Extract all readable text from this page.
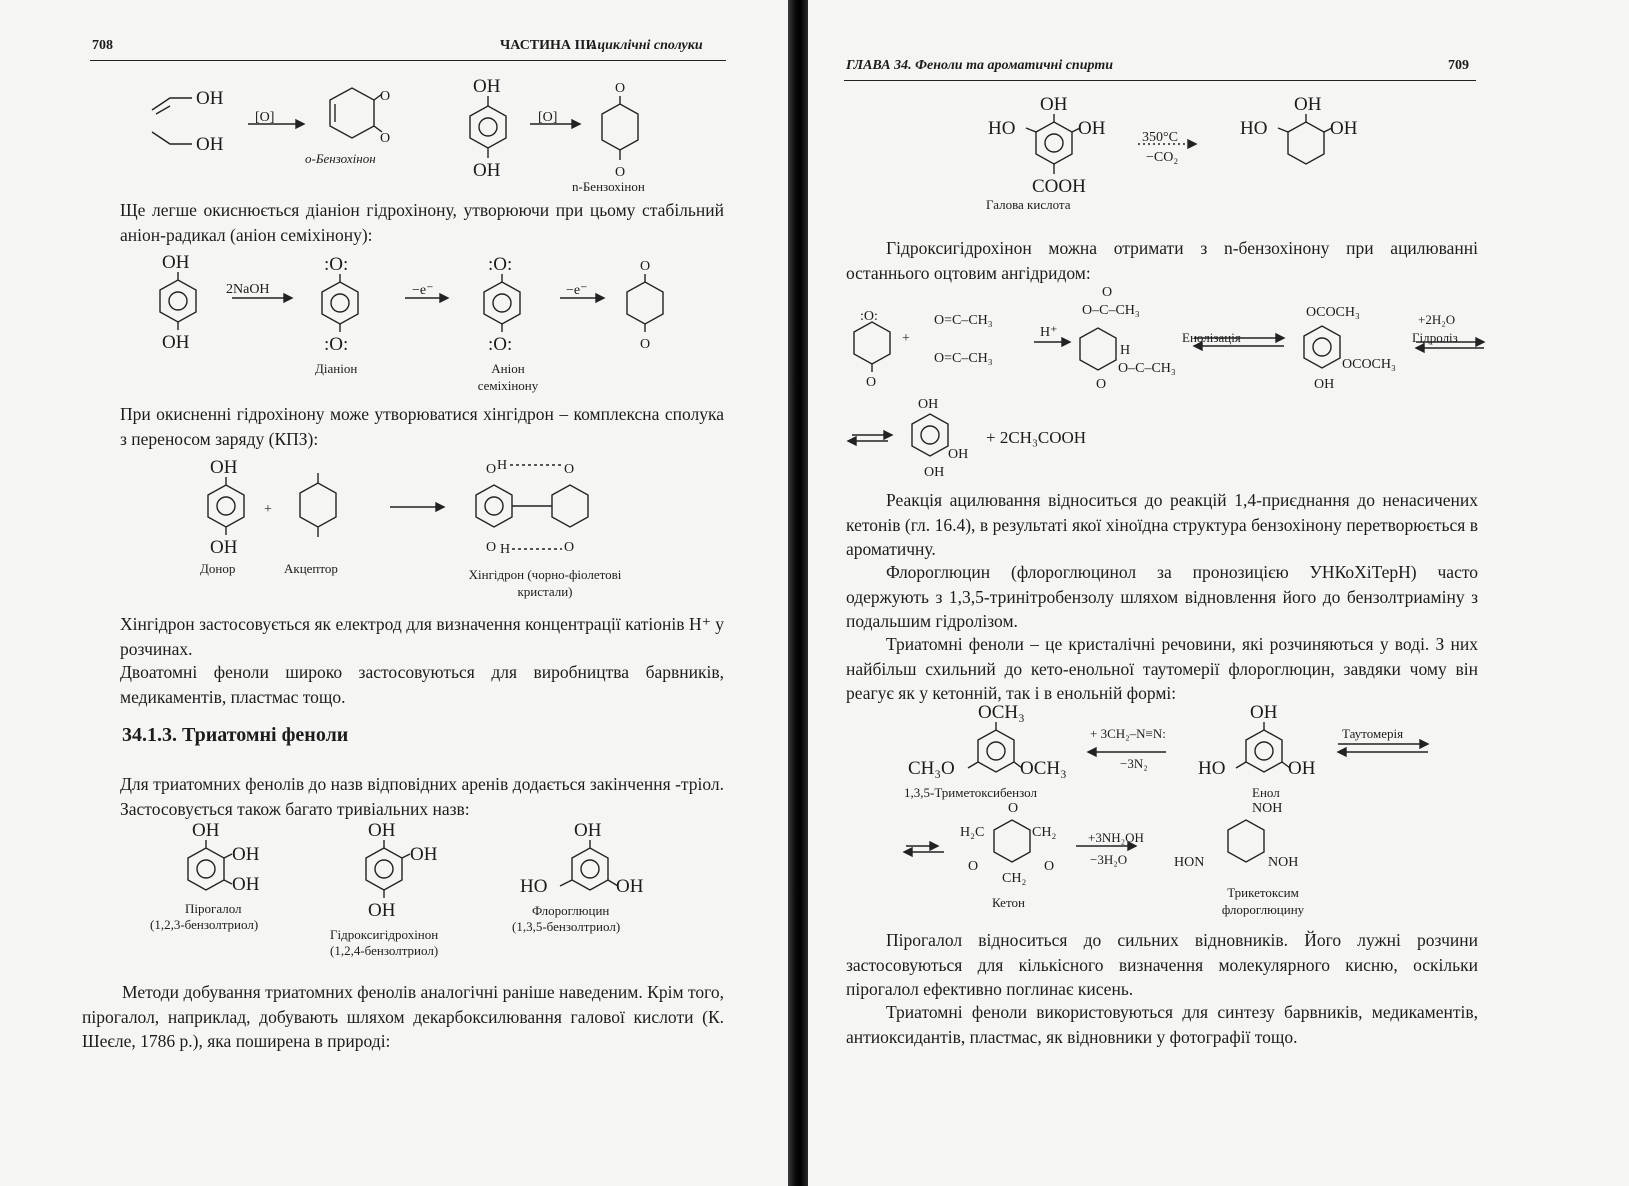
708	ЧАСТИНА ІІІ.
Ациклічні сполуки
OH
OH
O
O
OH
OH
O
O
[O]	[O]
o-Бензохінон
n-Бензохінон
Ще легше окиснюється діаніон гідрохінону, утворюючи при цьому стабільний аніон-радикал (аніон семіхінону):
OH
OH
:O:
:O:
:O:
:O:
O
O
2NaOH	−e⁻	−e⁻
Діаніон	Аніон семіхінону
При окисненні гідрохінону може утворюватися хінгідрон – комплексна сполука з переносом заряду (КПЗ):
OH
OH
+
O H	O
O H	O
Донор	Акцептор	Хінгідрон (чорно-фіолетові кристали)
Хінгідрон застосовується як електрод для визначення концентрації катіонів Н⁺ у розчинах.
Двоатомні феноли широко застосовуються для виробництва барвників, медикаментів, пластмас тощо.
34.1.3. Триатомні феноли
Для триатомних фенолів до назв відповідних аренів додається закінчення -тріол. Застосовується також багато тривіальних назв:
OH
OH
OH
OH
OH
OH
OH
HO	OH
Пірогалол
(1,2,3-бензолтриол)
Гідроксигідрохінон
(1,2,4-бензолтриол)
Флороглюцин
(1,3,5-бензолтриол)
Методи добування триатомних фенолів аналогічні раніше наведеним. Крім того, пірогалол, наприклад, добувають шляхом декарбоксилювання галової кислоти (К. Шеєле, 1786 р.), яка поширена в природі:
ГЛАВА 34. Феноли та ароматичні спирти	709
OH
HO	OH
COOH
OH
HO	OH
350°C
−CO₂
Галова кислота
Гідроксигідрохінон можна отримати з n-бензохінону при ацилюванні останнього оцтовим ангідридом:
:O:
O
+
O=C–CH₃
O=C–CH₃
H⁺
O
O–C–CH₃
H
O–C–CH₃
O
OCOCH₃
OCOCH₃
OH
OH
OH
OH
Енолізація
+2H₂O
Гідроліз
+ 2CH₃COOH
Реакція ацилювання відноситься до реакцій 1,4-приєднання до ненасичених кетонів (гл. 16.4), в результаті якої хіноїдна структура бензохінону перетворюється в ароматичну.
Флороглюцин (флороглюцинол за пронозицією УНКоХіТерН) часто одержують з 1,3,5-тринітробензолу шляхом відновлення його до бензолтриаміну з подальшим гідролізом.
Триатомні феноли – це кристалічні речовини, які розчиняються у воді. З них найбільш схильний до кето-енольної таутомерії флороглюцин, завдяки чому він реагує як у кетонній, так і в енольній формі:
OCH₃
CH₃O	OCH₃
OH
HO	OH
O
H₂C	CH₂
O	O
CH₂
NOH
HON	NOH
+ 3CH₂–N≡N:
−3N₂
Таутомерія
+3NH₂OH
−3H₂O
1,3,5-Триметоксибензол	Енол
Кетон
Трикетоксим флороглюцину
Пірогалол відноситься до сильних відновників. Його лужні розчини застосовуються для кількісного визначення молекулярного кисню, оскільки пірогалол ефективно поглинає кисень.
Триатомні феноли використовуються для синтезу барвників, медикаментів, антиоксидантів, пластмас, як відновники у фотографії тощо.
